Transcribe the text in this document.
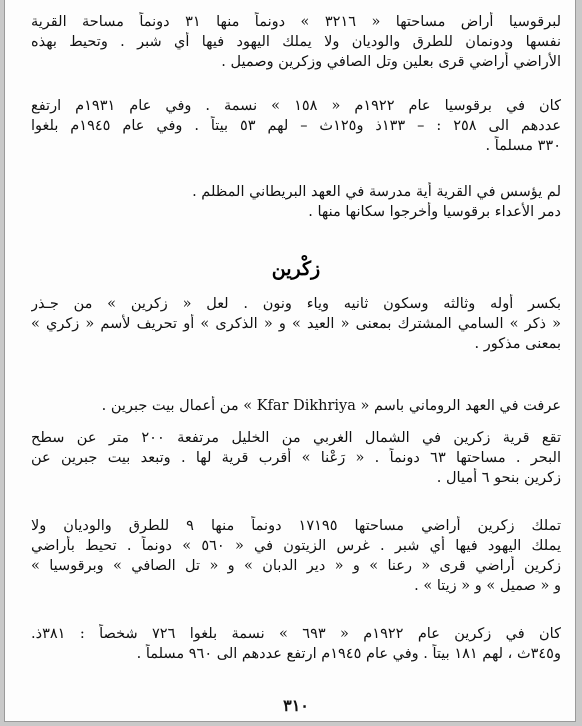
لبرقوسيا أراض مساحتها « ٣٢١٦ » دونماً منها ٣١ دونماً مساحة القرية
نفسها ودونمان للطرق والوديان ولا يملك اليهود فيها أي شبر . وتحيط بهذه
الأراضي أراضي قرى بعلين وتل الصافي وزكرين وصميل .
كان في برقوسيا عام ١٩٢٢م « ١٥٨ » نسمة . وفي عام ١٩٣١م ارتفع
عددهم الى ٢٥٨ : – ١٣٣ذ و١٢٥ث – لهم ٥٣ بيتاً . وفي عام ١٩٤٥م بلغوا
٣٣٠ مسلماً .
لم يؤسس في القرية أية مدرسة في العهد البريطاني المظلم .
دمر الأعداء برقوسيا وأخرجوا سكانها منها .
زكْرين
بكسر أوله وثالثه وسكون ثانيه وياء ونون . لعل « زكرين » من جـذر
« ذكر » السامي المشترك بمعنى « العيد » و « الذكرى » أو تحريف لأسم « زكري »
بمعنى مذكور .
عرفت في العهد الروماني باسم « Kfar Dikhriya » من أعمال بيت جبرين .
تقع قرية زكرين في الشمال الغربي من الخليل مرتفعة ٢٠٠ متر عن سطح
البحر . مساحتها ٦٣ دونماً . « رَعْنا » أقرب قرية لها . وتبعد بيت جبرين عن
زكرين بنحو ٦ أميال .
تملك زكرين أراضي مساحتها ١٧١٩٥ دونماً منها ٩ للطرق والوديان ولا
يملك اليهود فيها أي شبر . غرس الزيتون في « ٥٦٠ » دونماً . تحيط بأراضي
زكرين أراضي قرى « رعنا » و « دير الدبان » و « تل الصافي » وبرقوسيا »
و « صميل » و « زيتا » .
كان في زكرين عام ١٩٢٢م « ٦٩٣ » نسمة بلغوا ٧٢٦ شخصاً : ٣٨١ذ.
و٣٤٥ث ، لهم ١٨١ بيتاً . وفي عام ١٩٤٥م ارتفع عددهم الى ٩٦٠ مسلماً .
٣١٠
